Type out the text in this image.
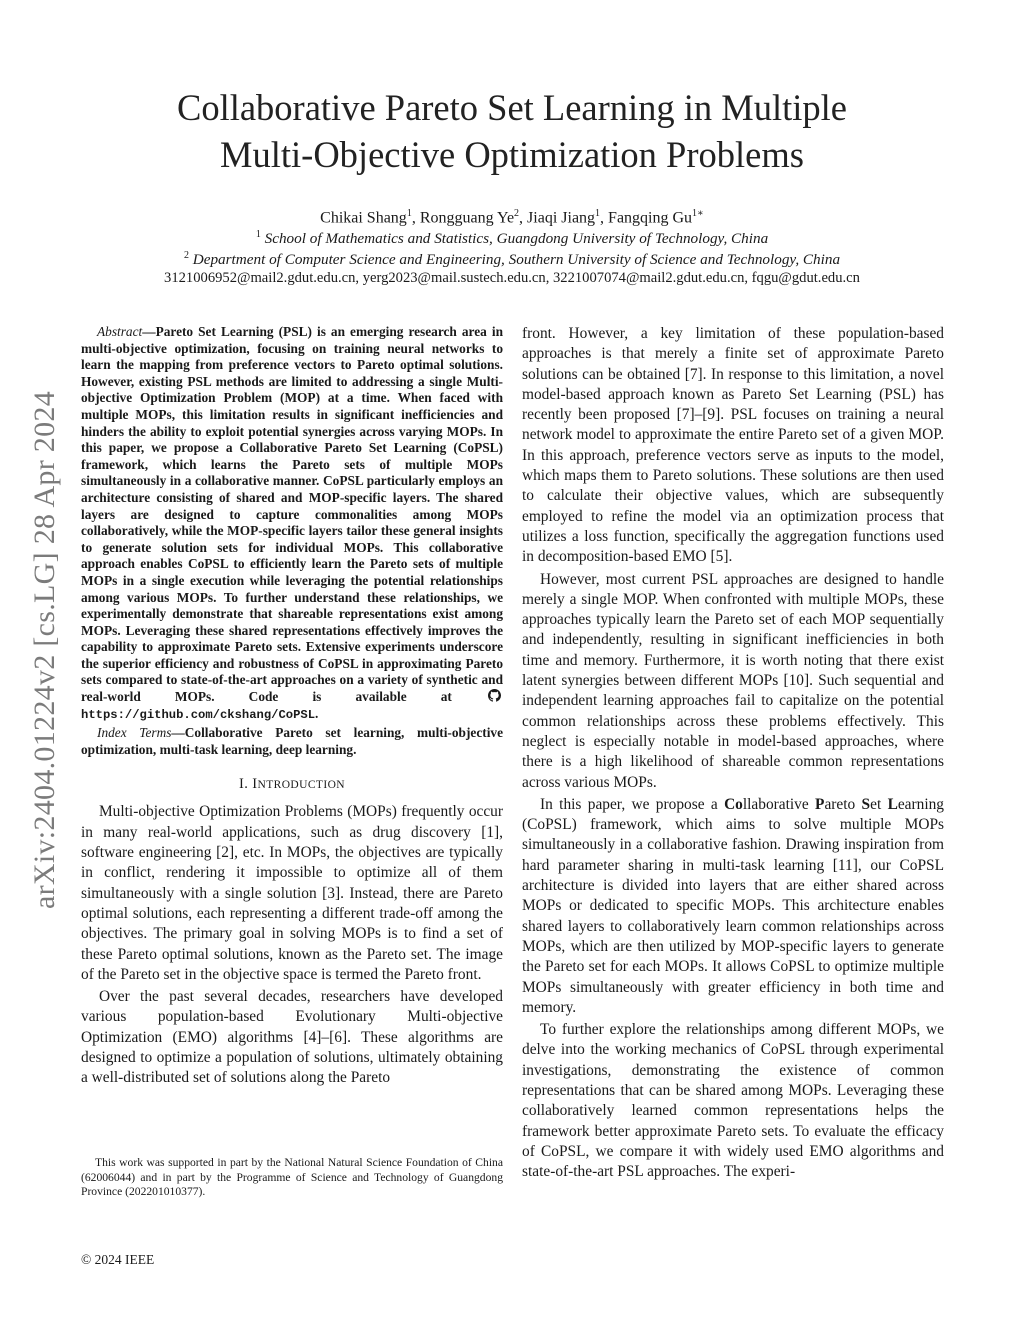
arXiv:2404.01224v2 [cs.LG] 28 Apr 2024
Collaborative Pareto Set Learning in Multiple
Multi-Objective Optimization Problems
Chikai Shang$^1$, Rongguang Ye$^2$, Jiaqi Jiang$^1$, Fangqing $Gu^{1∗}$
$^1$ School of Mathematics and Statistics, Guangdong University of Technology, China
$^2$ Department of Computer Science and Engineering, Southern University of Science and Technology, China
3121006952@mail2.gdut.edu.cn, yerg2023@mail.sustech.edu.cn, 3221007074@mail2.gdut.edu.cn, fqgu@gdut.edu.cn

Abstract—Pareto Set Learning (PSL) is an emerging research area in multi-objective optimization, focusing on training neural networks to learn the mapping from preference vectors to Pareto optimal solutions. However, existing PSL methods are limited to addressing a single Multi-objective Optimization Problem (MOP) at a time. When faced with multiple MOPs, this limitation results in significant inefficiencies and hinders the ability to exploit potential synergies across varying MOPs. In this paper, we propose a Collaborative Pareto Set Learning (CoPSL) framework, which learns the Pareto sets of multiple MOPs simultaneously in a collaborative manner. CoPSL particularly employs an architecture consisting of shared and MOP-specific layers. The shared layers are designed to capture commonalities among MOPs collaboratively, while the MOP-specific layers tailor these general insights to generate solution sets for individual MOPs. This collaborative approach enables CoPSL to efficiently learn the Pareto sets of multiple MOPs in a single execution while leveraging the potential relationships among various MOPs. To further understand these relationships, we experimentally demonstrate that shareable representations exist among MOPs. Leveraging these shared representations effectively improves the capability to approximate Pareto sets. Extensive experiments underscore the superior efficiency and robustness of CoPSL in approximating Pareto sets compared to state-of-the-art approaches on a variety of synthetic and real-world MOPs. Code is available at https://github.com/ckshang/CoPSL.

Index Terms—Collaborative Pareto set learning, multi-objective optimization, multi-task learning, deep learning.

I. INTRODUCTION

Multi-objective Optimization Problems (MOPs) frequently occur in many real-world applications, such as drug discovery [1], software engineering [2], etc. In MOPs, the objectives are typically in conflict, rendering it impossible to optimize all of them simultaneously with a single solution [3]. Instead, there are Pareto optimal solutions, each representing a different trade-off among the objectives. The primary goal in solving MOPs is to find a set of these Pareto optimal solutions, known as the Pareto set. The image of the Pareto set in the objective space is termed the Pareto front.

Over the past several decades, researchers have developed various population-based Evolutionary Multi-objective Optimization (EMO) algorithms [4]–[6]. These algorithms are designed to optimize a population of solutions, ultimately obtaining a well-distributed set of solutions along the Pareto

This work was supported in part by the National Natural Science Foundation of China (62006044) and in part by the Programme of Science and Technology of Guangdong Province (202201010377).

front. However, a key limitation of these population-based approaches is that merely a finite set of approximate Pareto solutions can be obtained [7]. In response to this limitation, a novel model-based approach known as Pareto Set Learning (PSL) has recently been proposed [7]–[9]. PSL focuses on training a neural network model to approximate the entire Pareto set of a given MOP. In this approach, preference vectors serve as inputs to the model, which maps them to Pareto solutions. These solutions are then used to calculate their objective values, which are subsequently employed to refine the model via an optimization process that utilizes a loss function, specifically the aggregation functions used in decomposition-based EMO [5].

However, most current PSL approaches are designed to handle merely a single MOP. When confronted with multiple MOPs, these approaches typically learn the Pareto set of each MOP sequentially and independently, resulting in significant inefficiencies in both time and memory. Furthermore, it is worth noting that there exist latent synergies between different MOPs [10]. Such sequential and independent learning approaches fail to capitalize on the potential common relationships across these problems effectively. This neglect is especially notable in model-based approaches, where there is a high likelihood of shareable common representations across various MOPs.

In this paper, we propose a Collaborative Pareto Set Learning (CoPSL) framework, which aims to solve multiple MOPs simultaneously in a collaborative fashion. Drawing inspiration from hard parameter sharing in multi-task learning [11], our CoPSL architecture is divided into layers that are either shared across MOPs or dedicated to specific MOPs. This architecture enables shared layers to collaboratively learn common relationships across MOPs, which are then utilized by MOP-specific layers to generate the Pareto set for each MOPs. It allows CoPSL to optimize multiple MOPs simultaneously with greater efficiency in both time and memory.

To further explore the relationships among different MOPs, we delve into the working mechanics of CoPSL through experimental investigations, demonstrating the existence of common representations that can be shared among MOPs. Leveraging these collaboratively learned common representations helps the framework better approximate Pareto sets. To evaluate the efficacy of CoPSL, we compare it with widely used EMO algorithms and state-of-the-art PSL approaches. The experi-

© 2024 IEEE
